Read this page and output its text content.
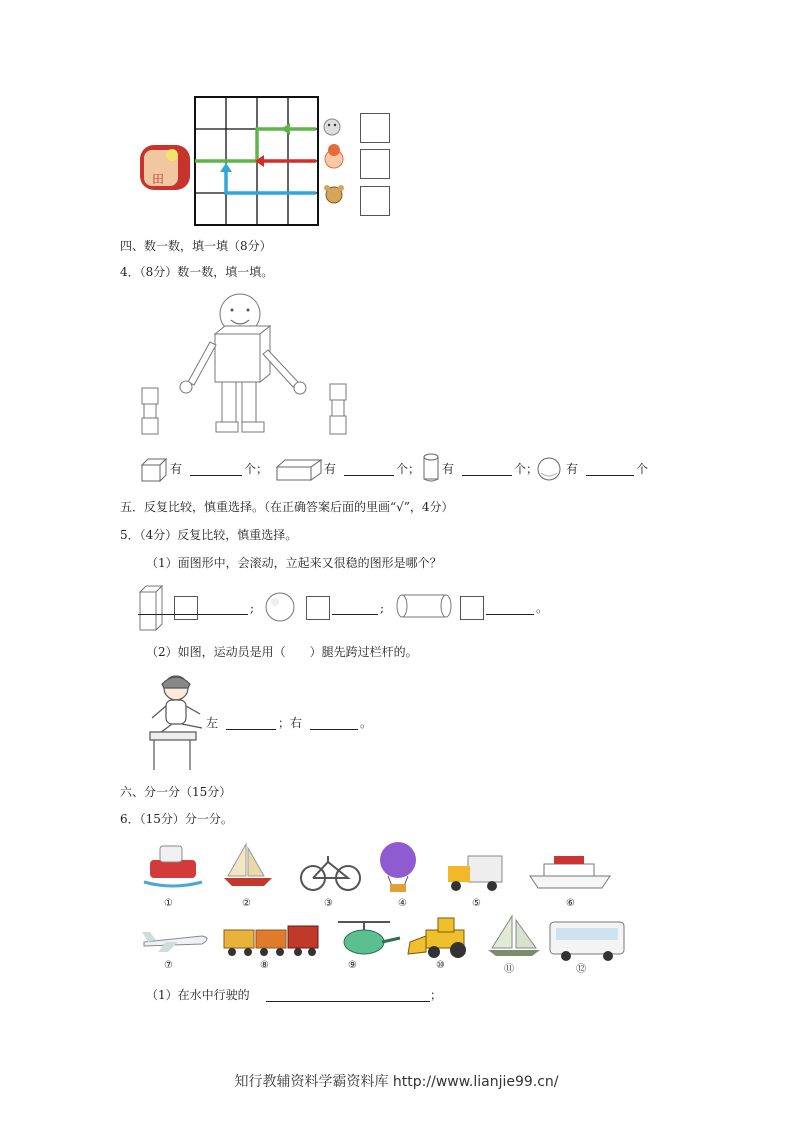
田
四、数一数，填一填（8分）
4．（8分）数一数，填一填。
有	个；	有	个； 有	个； 有	个
五．反复比较，慎重选择。（在正确答案后面的里画“√”，4分）
5．（4分）反复比较，慎重选择。
（1）面图形中，会滚动，立起来又很稳的图形是哪个？
;	;	。
（2）如图，运动员是用（　　）腿先跨过栏杆的。
左	；右	。
六、分一分（15分）
6．（15分）分一分。
①	②	③	④	⑤	⑥
⑦	⑧	⑨	⑩	⑪	⑫
（1）在水中行驶的	；
知行教辅资料学霸资料库 http://www.lianjie99.cn/
